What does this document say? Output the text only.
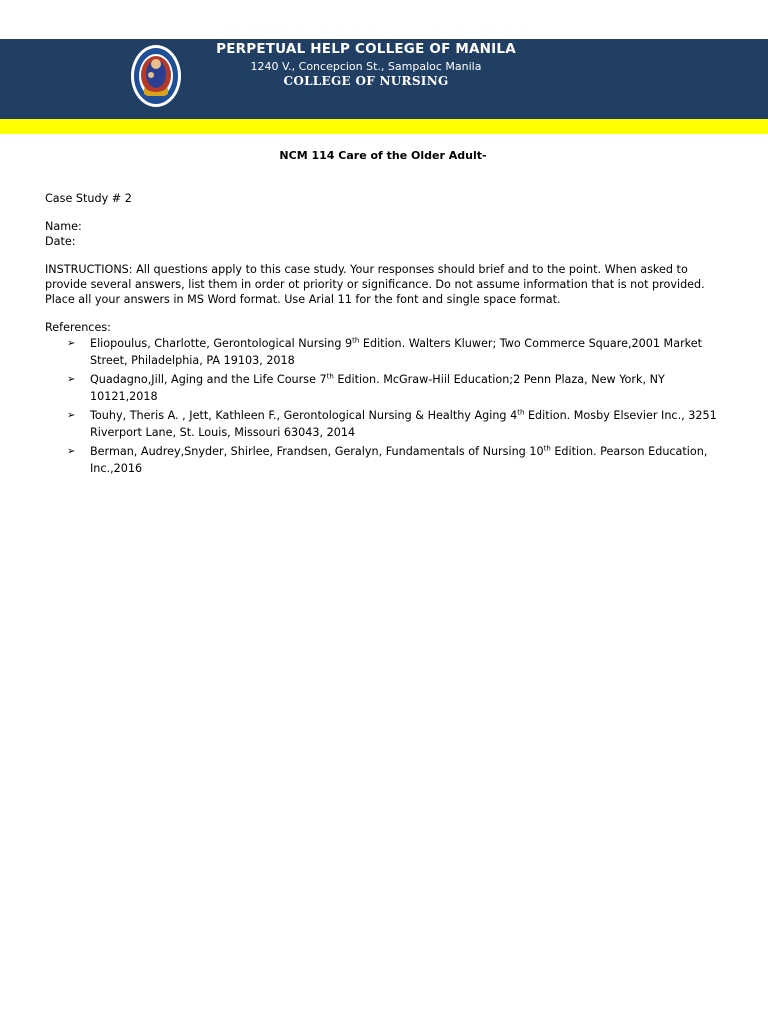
PERPETUAL HELP COLLEGE OF MANILA
1240 V., Concepcion St., Sampaloc Manila
COLLEGE OF NURSING
NCM 114 Care of the Older Adult-

Case Study # 2

Name:

Date:

INSTRUCTIONS: All questions apply to this case study. Your responses should brief and to the point. When asked to provide several answers, list them in order ot priority or significance. Do not assume information that is not provided. Place all your answers in MS Word format. Use Arial 11 for the font and single space format.

References:

➢ Eliopoulus, Charlotte, Gerontological Nursing 9th Edition. Walters Kluwer; Two Commerce Square,2001 Market Street, Philadelphia, PA 19103, 2018
➢ Quadagno,Jill, Aging and the Life Course 7th Edition. McGraw-Hiil Education;2 Penn Plaza, New York, NY 10121,2018
➢ Touhy, Theris A. , Jett, Kathleen F., Gerontological Nursing & Healthy Aging 4th Edition. Mosby Elsevier Inc., 3251 Riverport Lane, St. Louis, Missouri 63043, 2014
➢ Berman, Audrey,Snyder, Shirlee, Frandsen, Geralyn, Fundamentals of Nursing 10th Edition. Pearson Education, Inc.,2016
